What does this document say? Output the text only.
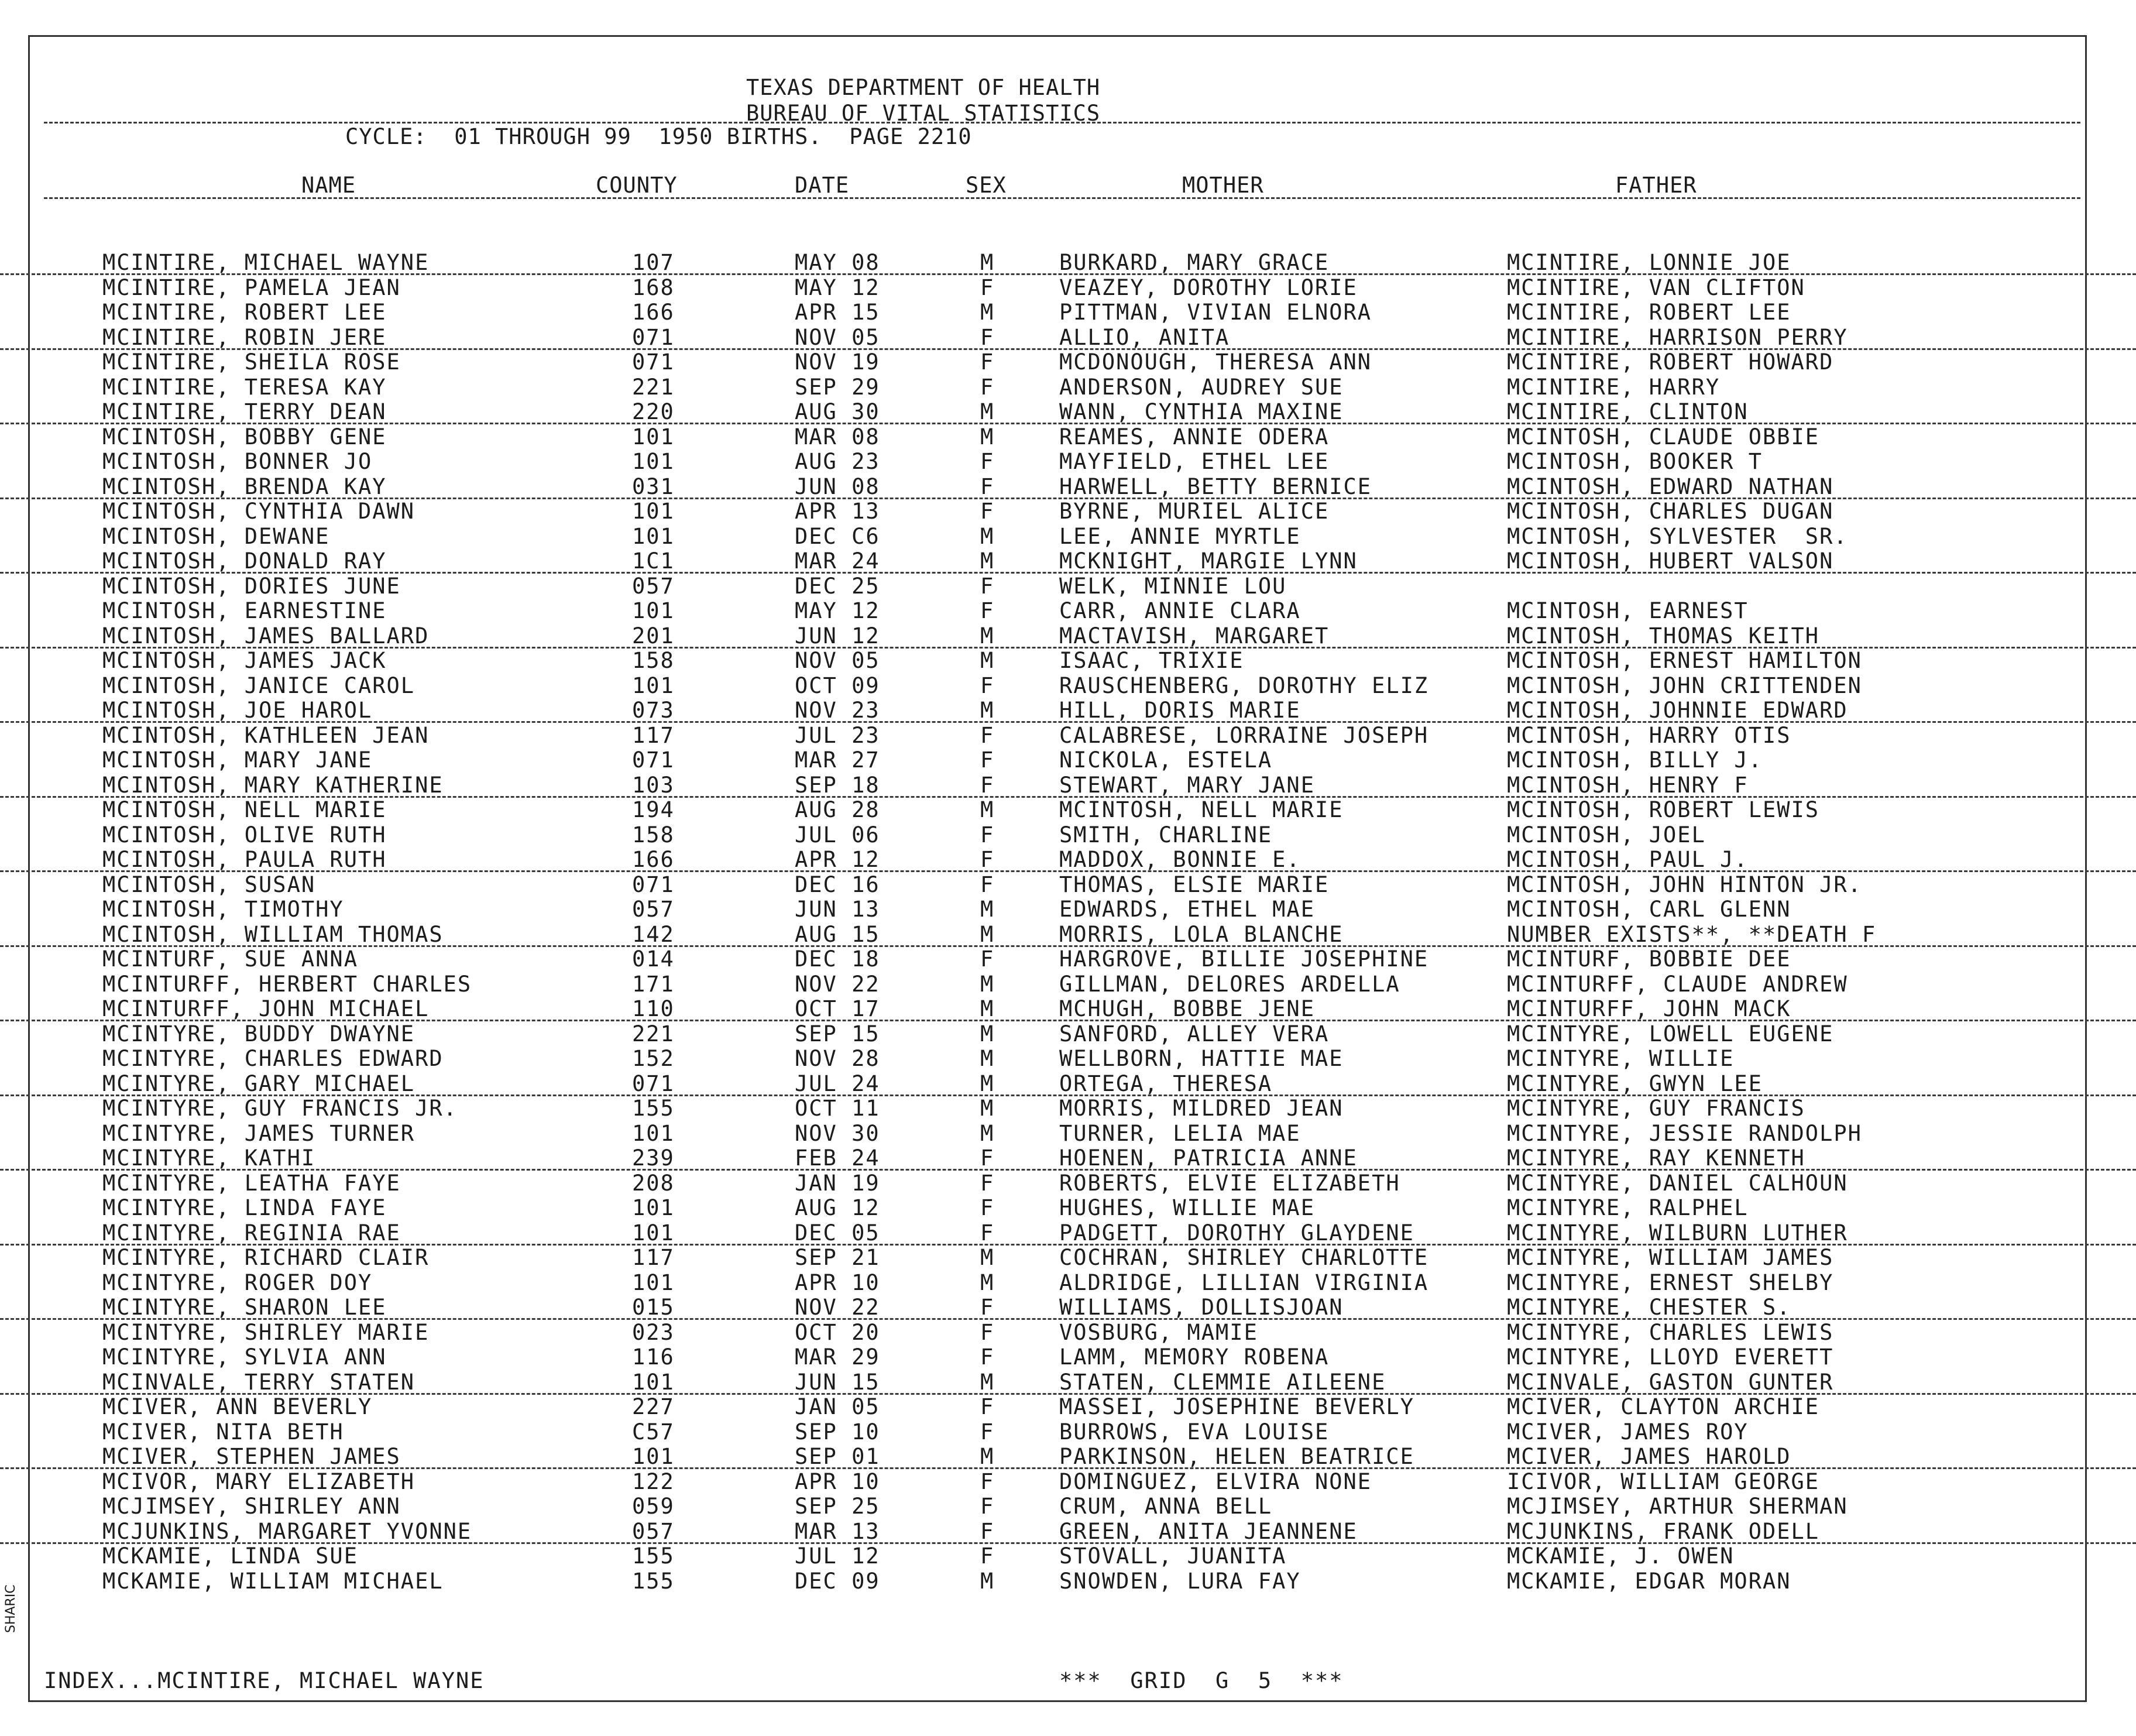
TEXAS DEPARTMENT OF HEALTH
BUREAU OF VITAL STATISTICS
CYCLE:  01 THROUGH 99  1950 BIRTHS.  PAGE 2210
NAME	COUNTY	DATE	SEX	MOTHER	FATHER
MCINTIRE, MICHAEL WAYNE	107	MAY 08	M	BURKARD, MARY GRACE	MCINTIRE, LONNIE JOE
MCINTIRE, PAMELA JEAN	168	MAY 12	F	VEAZEY, DOROTHY LORIE	MCINTIRE, VAN CLIFTON
MCINTIRE, ROBERT LEE	166	APR 15	M	PITTMAN, VIVIAN ELNORA	MCINTIRE, ROBERT LEE
MCINTIRE, ROBIN JERE	071	NOV 05	F	ALLIO, ANITA	MCINTIRE, HARRISON PERRY
MCINTIRE, SHEILA ROSE	071	NOV 19	F	MCDONOUGH, THERESA ANN	MCINTIRE, ROBERT HOWARD
MCINTIRE, TERESA KAY	221	SEP 29	F	ANDERSON, AUDREY SUE	MCINTIRE, HARRY
MCINTIRE, TERRY DEAN	220	AUG 30	M	WANN, CYNTHIA MAXINE	MCINTIRE, CLINTON
MCINTOSH, BOBBY GENE	101	MAR 08	M	REAMES, ANNIE ODERA	MCINTOSH, CLAUDE OBBIE
MCINTOSH, BONNER JO	101	AUG 23	F	MAYFIELD, ETHEL LEE	MCINTOSH, BOOKER T
MCINTOSH, BRENDA KAY	031	JUN 08	F	HARWELL, BETTY BERNICE	MCINTOSH, EDWARD NATHAN
MCINTOSH, CYNTHIA DAWN	101	APR 13	F	BYRNE, MURIEL ALICE	MCINTOSH, CHARLES DUGAN
MCINTOSH, DEWANE	101	DEC C6	M	LEE, ANNIE MYRTLE	MCINTOSH, SYLVESTER  SR.
MCINTOSH, DONALD RAY	1C1	MAR 24	M	MCKNIGHT, MARGIE LYNN	MCINTOSH, HUBERT VALSON
MCINTOSH, DORIES JUNE	057	DEC 25	F	WELK, MINNIE LOU
MCINTOSH, EARNESTINE	101	MAY 12	F	CARR, ANNIE CLARA	MCINTOSH, EARNEST
MCINTOSH, JAMES BALLARD	201	JUN 12	M	MACTAVISH, MARGARET	MCINTOSH, THOMAS KEITH
MCINTOSH, JAMES JACK	158	NOV 05	M	ISAAC, TRIXIE	MCINTOSH, ERNEST HAMILTON
MCINTOSH, JANICE CAROL	101	OCT 09	F	RAUSCHENBERG, DOROTHY ELIZ	MCINTOSH, JOHN CRITTENDEN
MCINTOSH, JOE HAROL	073	NOV 23	M	HILL, DORIS MARIE	MCINTOSH, JOHNNIE EDWARD
MCINTOSH, KATHLEEN JEAN	117	JUL 23	F	CALABRESE, LORRAINE JOSEPH	MCINTOSH, HARRY OTIS
MCINTOSH, MARY JANE	071	MAR 27	F	NICKOLA, ESTELA	MCINTOSH, BILLY J.
MCINTOSH, MARY KATHERINE	103	SEP 18	F	STEWART, MARY JANE	MCINTOSH, HENRY F
MCINTOSH, NELL MARIE	194	AUG 28	M	MCINTOSH, NELL MARIE	MCINTOSH, ROBERT LEWIS
MCINTOSH, OLIVE RUTH	158	JUL 06	F	SMITH, CHARLINE	MCINTOSH, JOEL
MCINTOSH, PAULA RUTH	166	APR 12	F	MADDOX, BONNIE E.	MCINTOSH, PAUL J.
MCINTOSH, SUSAN	071	DEC 16	F	THOMAS, ELSIE MARIE	MCINTOSH, JOHN HINTON JR.
MCINTOSH, TIMOTHY	057	JUN 13	M	EDWARDS, ETHEL MAE	MCINTOSH, CARL GLENN
MCINTOSH, WILLIAM THOMAS	142	AUG 15	M	MORRIS, LOLA BLANCHE	NUMBER EXISTS**, **DEATH F
MCINTURF, SUE ANNA	014	DEC 18	F	HARGROVE, BILLIE JOSEPHINE	MCINTURF, BOBBIE DEE
MCINTURFF, HERBERT CHARLES	171	NOV 22	M	GILLMAN, DELORES ARDELLA	MCINTURFF, CLAUDE ANDREW
MCINTURFF, JOHN MICHAEL	110	OCT 17	M	MCHUGH, BOBBE JENE	MCINTURFF, JOHN MACK
MCINTYRE, BUDDY DWAYNE	221	SEP 15	M	SANFORD, ALLEY VERA	MCINTYRE, LOWELL EUGENE
MCINTYRE, CHARLES EDWARD	152	NOV 28	M	WELLBORN, HATTIE MAE	MCINTYRE, WILLIE
MCINTYRE, GARY MICHAEL	071	JUL 24	M	ORTEGA, THERESA	MCINTYRE, GWYN LEE
MCINTYRE, GUY FRANCIS JR.	155	OCT 11	M	MORRIS, MILDRED JEAN	MCINTYRE, GUY FRANCIS
MCINTYRE, JAMES TURNER	101	NOV 30	M	TURNER, LELIA MAE	MCINTYRE, JESSIE RANDOLPH
MCINTYRE, KATHI	239	FEB 24	F	HOENEN, PATRICIA ANNE	MCINTYRE, RAY KENNETH
MCINTYRE, LEATHA FAYE	208	JAN 19	F	ROBERTS, ELVIE ELIZABETH	MCINTYRE, DANIEL CALHOUN
MCINTYRE, LINDA FAYE	101	AUG 12	F	HUGHES, WILLIE MAE	MCINTYRE, RALPHEL
MCINTYRE, REGINIA RAE	101	DEC 05	F	PADGETT, DOROTHY GLAYDENE	MCINTYRE, WILBURN LUTHER
MCINTYRE, RICHARD CLAIR	117	SEP 21	M	COCHRAN, SHIRLEY CHARLOTTE	MCINTYRE, WILLIAM JAMES
MCINTYRE, ROGER DOY	101	APR 10	M	ALDRIDGE, LILLIAN VIRGINIA	MCINTYRE, ERNEST SHELBY
MCINTYRE, SHARON LEE	015	NOV 22	F	WILLIAMS, DOLLISJOAN	MCINTYRE, CHESTER S.
MCINTYRE, SHIRLEY MARIE	023	OCT 20	F	VOSBURG, MAMIE	MCINTYRE, CHARLES LEWIS
MCINTYRE, SYLVIA ANN	116	MAR 29	F	LAMM, MEMORY ROBENA	MCINTYRE, LLOYD EVERETT
MCINVALE, TERRY STATEN	101	JUN 15	M	STATEN, CLEMMIE AILEENE	MCINVALE, GASTON GUNTER
MCIVER, ANN BEVERLY	227	JAN 05	F	MASSEI, JOSEPHINE BEVERLY	MCIVER, CLAYTON ARCHIE
MCIVER, NITA BETH	C57	SEP 10	F	BURROWS, EVA LOUISE	MCIVER, JAMES ROY
MCIVER, STEPHEN JAMES	101	SEP 01	M	PARKINSON, HELEN BEATRICE	MCIVER, JAMES HAROLD
MCIVOR, MARY ELIZABETH	122	APR 10	F	DOMINGUEZ, ELVIRA NONE	ICIVOR, WILLIAM GEORGE
MCJIMSEY, SHIRLEY ANN	059	SEP 25	F	CRUM, ANNA BELL	MCJIMSEY, ARTHUR SHERMAN
MCJUNKINS, MARGARET YVONNE	057	MAR 13	F	GREEN, ANITA JEANNENE	MCJUNKINS, FRANK ODELL
MCKAMIE, LINDA SUE	155	JUL 12	F	STOVALL, JUANITA	MCKAMIE, J. OWEN
MCKAMIE, WILLIAM MICHAEL	155	DEC 09	M	SNOWDEN, LURA FAY	MCKAMIE, EDGAR MORAN
INDEX...MCINTIRE, MICHAEL WAYNE	***  GRID  G  5  ***
SHARIC
